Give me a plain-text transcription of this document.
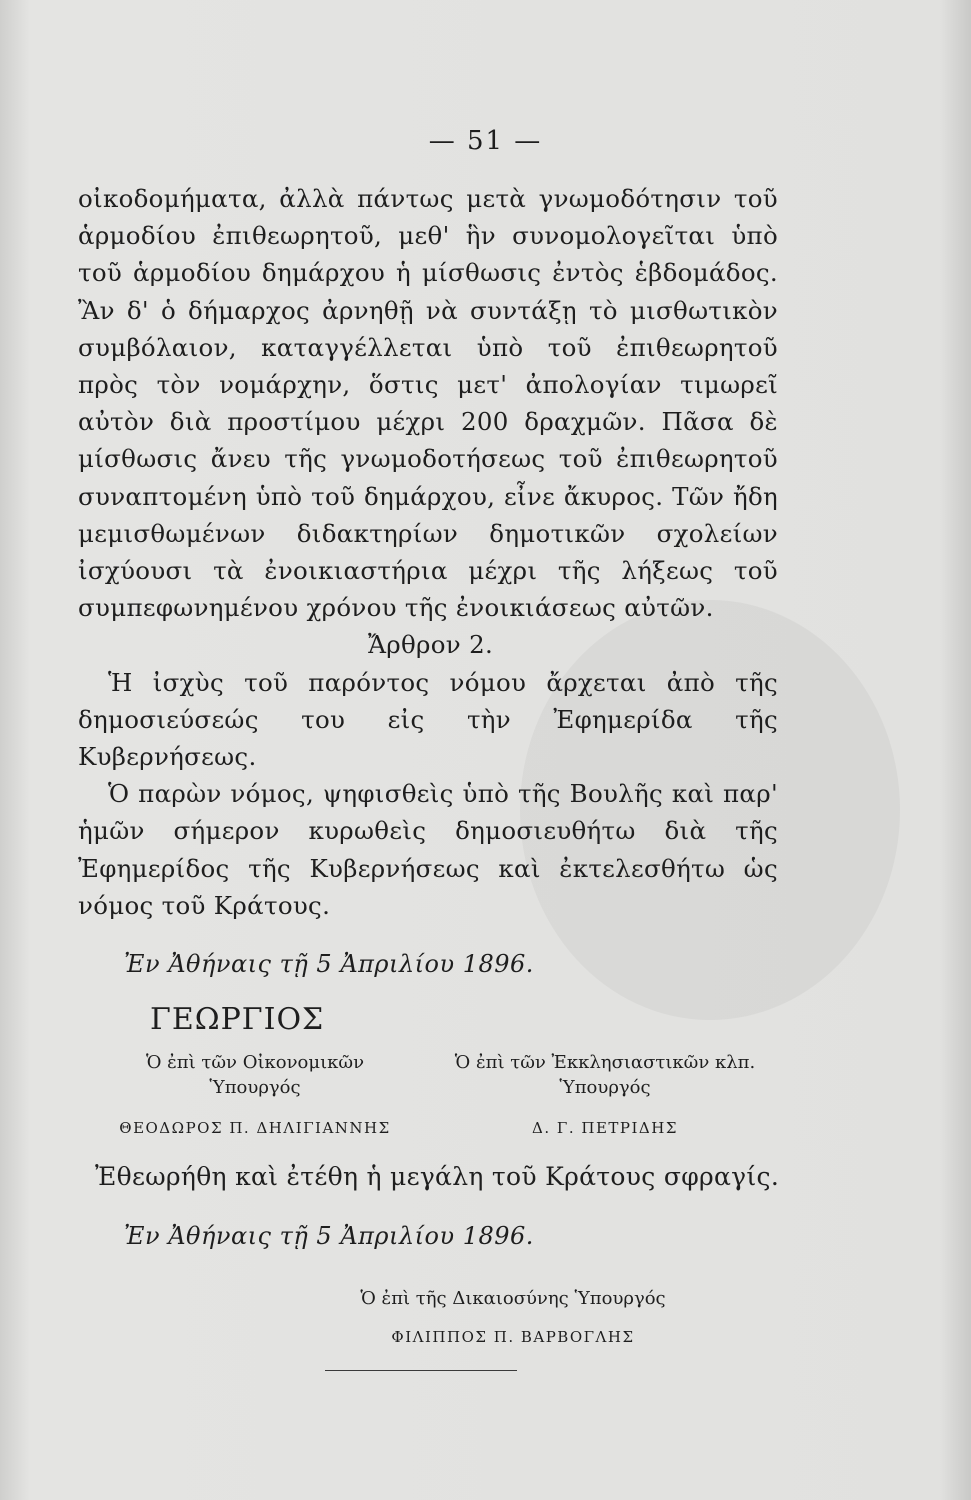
— 51 —

οἰκοδομήματα, ἀλλὰ πάντως μετὰ γνωμοδότησιν τοῦ ἁρμοδίου ἐπιθεωρητοῦ, μεθ' ἣν συνομολογεῖται ὑπὸ τοῦ ἁρμοδίου δημάρχου ἡ μίσθωσις ἐντὸς ἑβδομάδος. Ἂν δ' ὁ δήμαρχος ἀρνηθῇ νὰ συντάξῃ τὸ μισθωτικὸν συμβόλαιον, καταγγέλλεται ὑπὸ τοῦ ἐπιθεωρητοῦ πρὸς τὸν νομάρχην, ὅστις μετ' ἀπολογίαν τιμωρεῖ αὐτὸν διὰ προστίμου μέχρι 200 δραχμῶν. Πᾶσα δὲ μίσθωσις ἄνευ τῆς γνωμοδοτήσεως τοῦ ἐπιθεωρητοῦ συναπτομένη ὑπὸ τοῦ δημάρχου, εἶνε ἄκυρος. Τῶν ἤδη μεμισθωμένων διδακτηρίων δημοτικῶν σχολείων ἰσχύουσι τὰ ἐνοικιαστήρια μέχρι τῆς λήξεως τοῦ συμπεφωνημένου χρόνου τῆς ἐνοικιάσεως αὐτῶν.

Ἄρθρον 2.

Ἡ ἰσχὺς τοῦ παρόντος νόμου ἄρχεται ἀπὸ τῆς δημοσιεύσεώς του εἰς τὴν Ἐφημερίδα τῆς Κυβερνήσεως.

Ὁ παρὼν νόμος, ψηφισθεὶς ὑπὸ τῆς Βουλῆς καὶ παρ' ἡμῶν σήμερον κυρωθεὶς δημοσιευθήτω διὰ τῆς Ἐφημερίδος τῆς Κυβερνήσεως καὶ ἐκτελεσθήτω ὡς νόμος τοῦ Κράτους.

Ἐν Ἀθήναις τῇ 5 Ἀπριλίου 1896.
ΓΕΩΡΓΙΟΣ
Ὁ ἐπὶ τῶν Οἰκονομικῶν
Ὑπουργός
ΘΕΟΔΩΡΟΣ Π. ΔΗΛΙΓΙΑΝΝΗΣ
Ὁ ἐπὶ τῶν Ἐκκλησιαστικῶν κλπ.
Ὑπουργός
Δ. Γ. ΠΕΤΡΙΔΗΣ
Ἐθεωρήθη καὶ ἐτέθη ἡ μεγάλη τοῦ Κράτους σφραγίς.
Ἐν Ἀθήναις τῇ 5 Ἀπριλίου 1896.
Ὁ ἐπὶ τῆς Δικαιοσύνης Ὑπουργός
ΦΙΛΙΠΠΟΣ Π. ΒΑΡΒΟΓΛΗΣ
